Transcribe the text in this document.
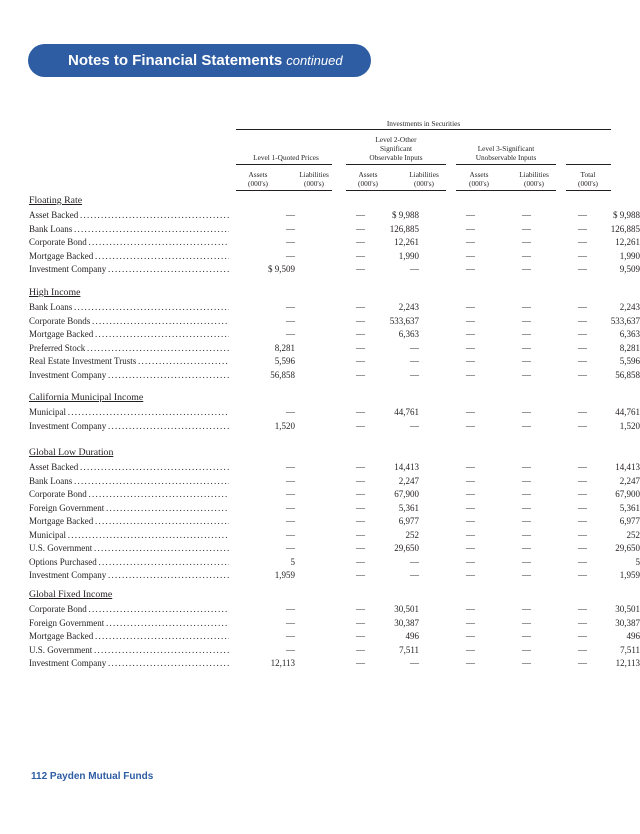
Notes to Financial Statements continued
Investments in Securities
Level 2-Other
Significant	Level 3-Significant
Level 1-Quoted Prices	Observable Inputs	Unobservable Inputs
Assets
(000's)
Liabilities
(000's)
Assets
(000's)
Liabilities
(000's)
Assets
(000's)
Liabilities
(000's)
Total
(000's)
Floating Rate
Asset Backed . . .	—	—	$ 9,988	—	—	—	$ 9,988
Bank Loans . . .	—	—	126,885	—	—	—	126,885
Corporate Bond . . .	—	—	12,261	—	—	—	12,261
Mortgage Backed . . .	—	—	1,990	—	—	—	1,990
Investment Company . . .	$ 9,509	—	—	—	—	—	9,509
High Income
Bank Loans . . .	—	—	2,243	—	—	—	2,243
Corporate Bonds . . .	—	—	533,637	—	—	—	533,637
Mortgage Backed . . .	—	—	6,363	—	—	—	6,363
Preferred Stock . . .	8,281	—	—	—	—	—	8,281
Real Estate Investment Trusts . . .	5,596	—	—	—	—	—	5,596
Investment Company . . .	56,858	—	—	—	—	—	56,858
California Municipal Income
Municipal . . .	—	—	44,761	—	—	—	44,761
Investment Company . . .	1,520	—	—	—	—	—	1,520
Global Low Duration
Asset Backed . . .	—	—	14,413	—	—	—	14,413
Bank Loans . . .	—	—	2,247	—	—	—	2,247
Corporate Bond . . .	—	—	67,900	—	—	—	67,900
Foreign Government . . .	—	—	5,361	—	—	—	5,361
Mortgage Backed . . .	—	—	6,977	—	—	—	6,977
Municipal . . .	—	—	252	—	—	—	252
U.S. Government . . .	—	—	29,650	—	—	—	29,650
Options Purchased . . .	5	—	—	—	—	—	5
Investment Company . . .	1,959	—	—	—	—	—	1,959
Global Fixed Income
Corporate Bond . . .	—	—	30,501	—	—	—	30,501
Foreign Government . . .	—	—	30,387	—	—	—	30,387
Mortgage Backed . . .	—	—	496	—	—	—	496
U.S. Government . . .	—	—	7,511	—	—	—	7,511
Investment Company . . .	12,113	—	—	—	—	—	12,113
112 Payden Mutual Funds
